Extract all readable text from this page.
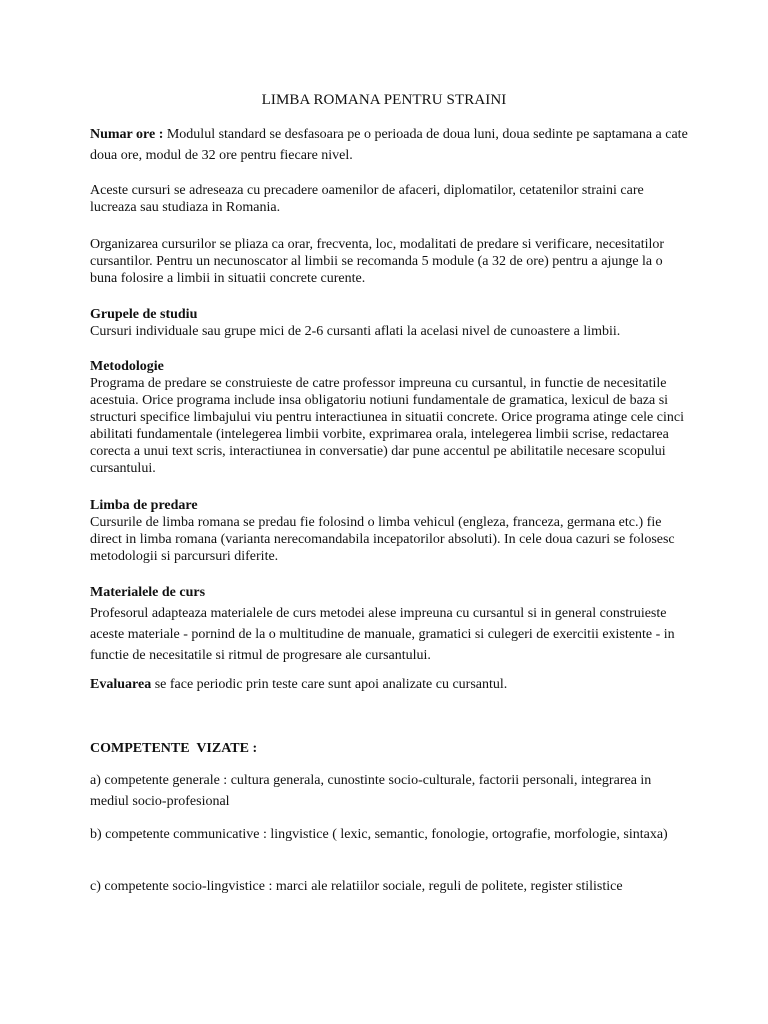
LIMBA ROMANA PENTRU STRAINI

Numar ore : Modulul standard se desfasoara pe o perioada de doua luni, doua sedinte pe saptamana a cate doua ore, modul de 32 ore pentru fiecare nivel.

Aceste cursuri se adreseaza cu precadere oamenilor de afaceri, diplomatilor, cetatenilor straini care lucreaza sau studiaza in Romania.

Organizarea cursurilor se pliaza ca orar, frecventa, loc, modalitati de predare si verificare, necesitatilor cursantilor. Pentru un necunoscator al limbii se recomanda 5 module (a 32 de ore) pentru a ajunge la o buna folosire a limbii in situatii concrete curente.

Grupele de studiu

Cursuri individuale sau grupe mici de 2-6 cursanti aflati la acelasi nivel de cunoastere a limbii.

Metodologie

Programa de predare se construieste de catre professor impreuna cu cursantul, in functie de necesitatile acestuia. Orice programa include insa obligatoriu notiuni fundamentale de gramatica, lexicul de baza si structuri specifice limbajului viu pentru interactiunea in situatii concrete. Orice programa atinge cele cinci abilitati fundamentale (intelegerea limbii vorbite, exprimarea orala, intelegerea limbii scrise, redactarea corecta a unui text scris, interactiunea in conversatie) dar pune accentul pe abilitatile necesare scopului cursantului.

Limba de predare

Cursurile de limba romana se predau fie folosind o limba vehicul (engleza, franceza, germana etc.) fie direct in limba romana (varianta nerecomandabila incepatorilor absoluti). In cele doua cazuri se folosesc metodologii si parcursuri diferite.

Materialele de curs

Profesorul adapteaza materialele de curs metodei alese impreuna cu cursantul si in general construieste aceste materiale - pornind de la o multitudine de manuale, gramatici si culegeri de exercitii existente - in functie de necesitatile si ritmul de progresare ale cursantului.

Evaluarea se face periodic prin teste care sunt apoi analizate cu cursantul.

COMPETENTE  VIZATE :

a) competente generale : cultura generala, cunostinte socio-culturale, factorii personali, integrarea in mediul socio-profesional

b) competente communicative : lingvistice ( lexic, semantic, fonologie, ortografie, morfologie, sintaxa)

c) competente socio-lingvistice : marci ale relatiilor sociale, reguli de politete, register stilistice
